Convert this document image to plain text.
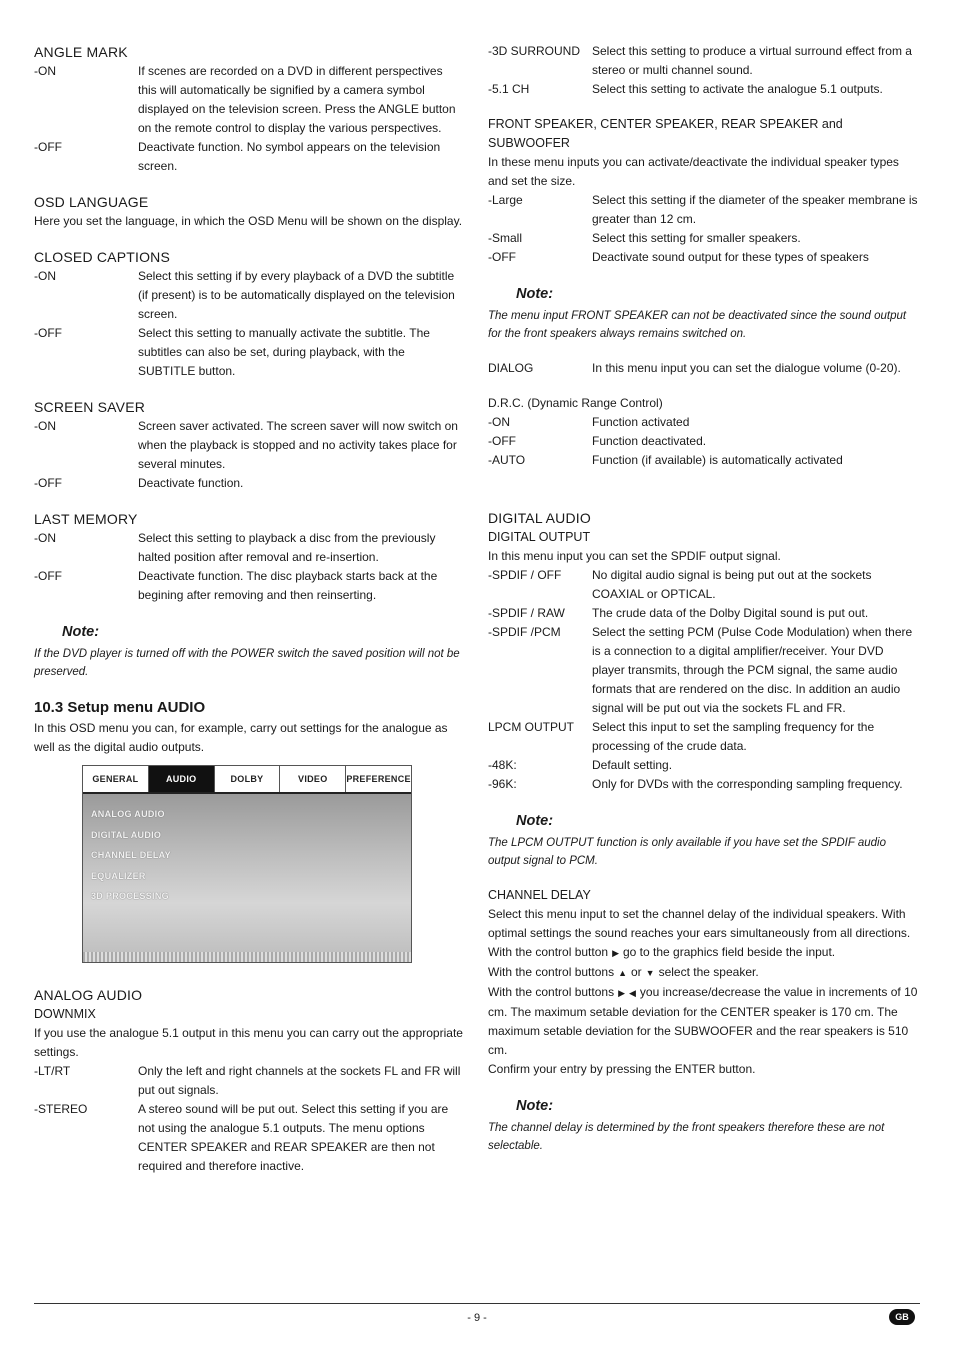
ANGLE MARK

-ON	If scenes are recorded on a DVD in different perspectives this will automatically be signified by a camera symbol displayed on the television screen. Press the ANGLE button on the remote control to display the various perspectives.
-OFF	Deactivate function. No symbol appears on the television screen.

OSD LANGUAGE

Here you set the language, in which the OSD Menu will be shown on the display.

CLOSED CAPTIONS

-ON	Select this setting if by every playback of a DVD the subtitle (if present) is to be automatically displayed on the television screen.
-OFF	Select this setting to manually activate the subtitle. The subtitles can also be set, during playback, with the SUBTITLE button.

SCREEN SAVER

-ON	Screen saver activated. The screen saver will now switch on when the playback is stopped and no activity takes place for several minutes.
-OFF	Deactivate function.

LAST MEMORY

-ON	Select this setting to playback a disc from the previously halted position after removal and re-insertion.
-OFF	Deactivate function. The disc playback starts back at the begining after removing and then reinserting.

Note:

If the DVD player is turned off with the POWER switch the saved position will not be preserved.

10.3 Setup menu AUDIO

In this OSD menu you can, for example, carry out settings for the analogue as well as the digital audio outputs.

GENERAL	AUDIO	DOLBY	VIDEO	PREFERENCE
ANALOG AUDIO
DIGITAL AUDIO
CHANNEL DELAY
EQUALIZER
3D PROCESSING

ANALOG AUDIO

DOWNMIX

If you use the analogue 5.1 output in this menu you can carry out the appropriate settings.

-LT/RT	Only the left and right channels at the sockets FL and FR will put out signals.
-STEREO	A stereo sound will be put out. Select this setting if you are not using the analogue 5.1 outputs. The menu options CENTER SPEAKER and REAR SPEAKER are then not required and therefore inactive.
-3D SURROUND Select this setting to produce a virtual surround effect from a stereo or multi channel sound.
-5.1 CH	Select this setting to activate the analogue 5.1 outputs.

FRONT SPEAKER, CENTER SPEAKER, REAR SPEAKER and SUBWOOFER

In these menu inputs you can activate/deactivate the individual speaker types and set the size.

-Large	Select this setting if the diameter of the speaker membrane is greater than 12 cm.
-Small	Select this setting for smaller speakers.
-OFF	Deactivate sound output for these types of speakers

Note:

The menu input FRONT SPEAKER can not be deactivated since the sound output for the front speakers always remains switched on.

DIALOG	In this menu input you can set the dialogue volume (0-20).

D.R.C. (Dynamic Range Control)

-ON	Function activated
-OFF	Function deactivated.
-AUTO	Function (if available) is automatically activated

DIGITAL AUDIO

DIGITAL OUTPUT

In this menu input you can set the SPDIF output signal.

-SPDIF / OFF	No digital audio signal is being put out at the sockets COAXIAL or OPTICAL.
-SPDIF / RAW	The crude data of the Dolby Digital sound is put out.
-SPDIF /PCM	Select the setting PCM (Pulse Code Modulation) when there is a connection to a digital amplifier/receiver. Your DVD player transmits, through the PCM signal, the same audio formats that are rendered on the disc. In addition an audio signal will be put out via the sockets FL and FR.
LPCM OUTPUT	Select this input to set the sampling frequency for the processing of the crude data.
-48K:	Default setting.
-96K:	Only for DVDs with the corresponding sampling frequency.

Note:

The LPCM OUTPUT function is only available if you have set the SPDIF audio output signal to PCM.

CHANNEL DELAY

Select this menu input to set the channel delay of the individual speakers. With optimal settings the sound reaches your ears simultaneously from all directions.

With the control button ▶ go to the graphics field beside the input.

With the control buttons ▲ or ▼ select the speaker.

With the control buttons ▶ ◀ you increase/decrease the value in increments of 10 cm. The maximum setable deviation for the CENTER speaker is 170 cm. The maximum setable deviation for the SUBWOOFER and the rear speakers is 510 cm.

Confirm your entry by pressing the ENTER button.

Note:

The channel delay is determined by the front speakers therefore these are not selectable.

- 9 -	GB
